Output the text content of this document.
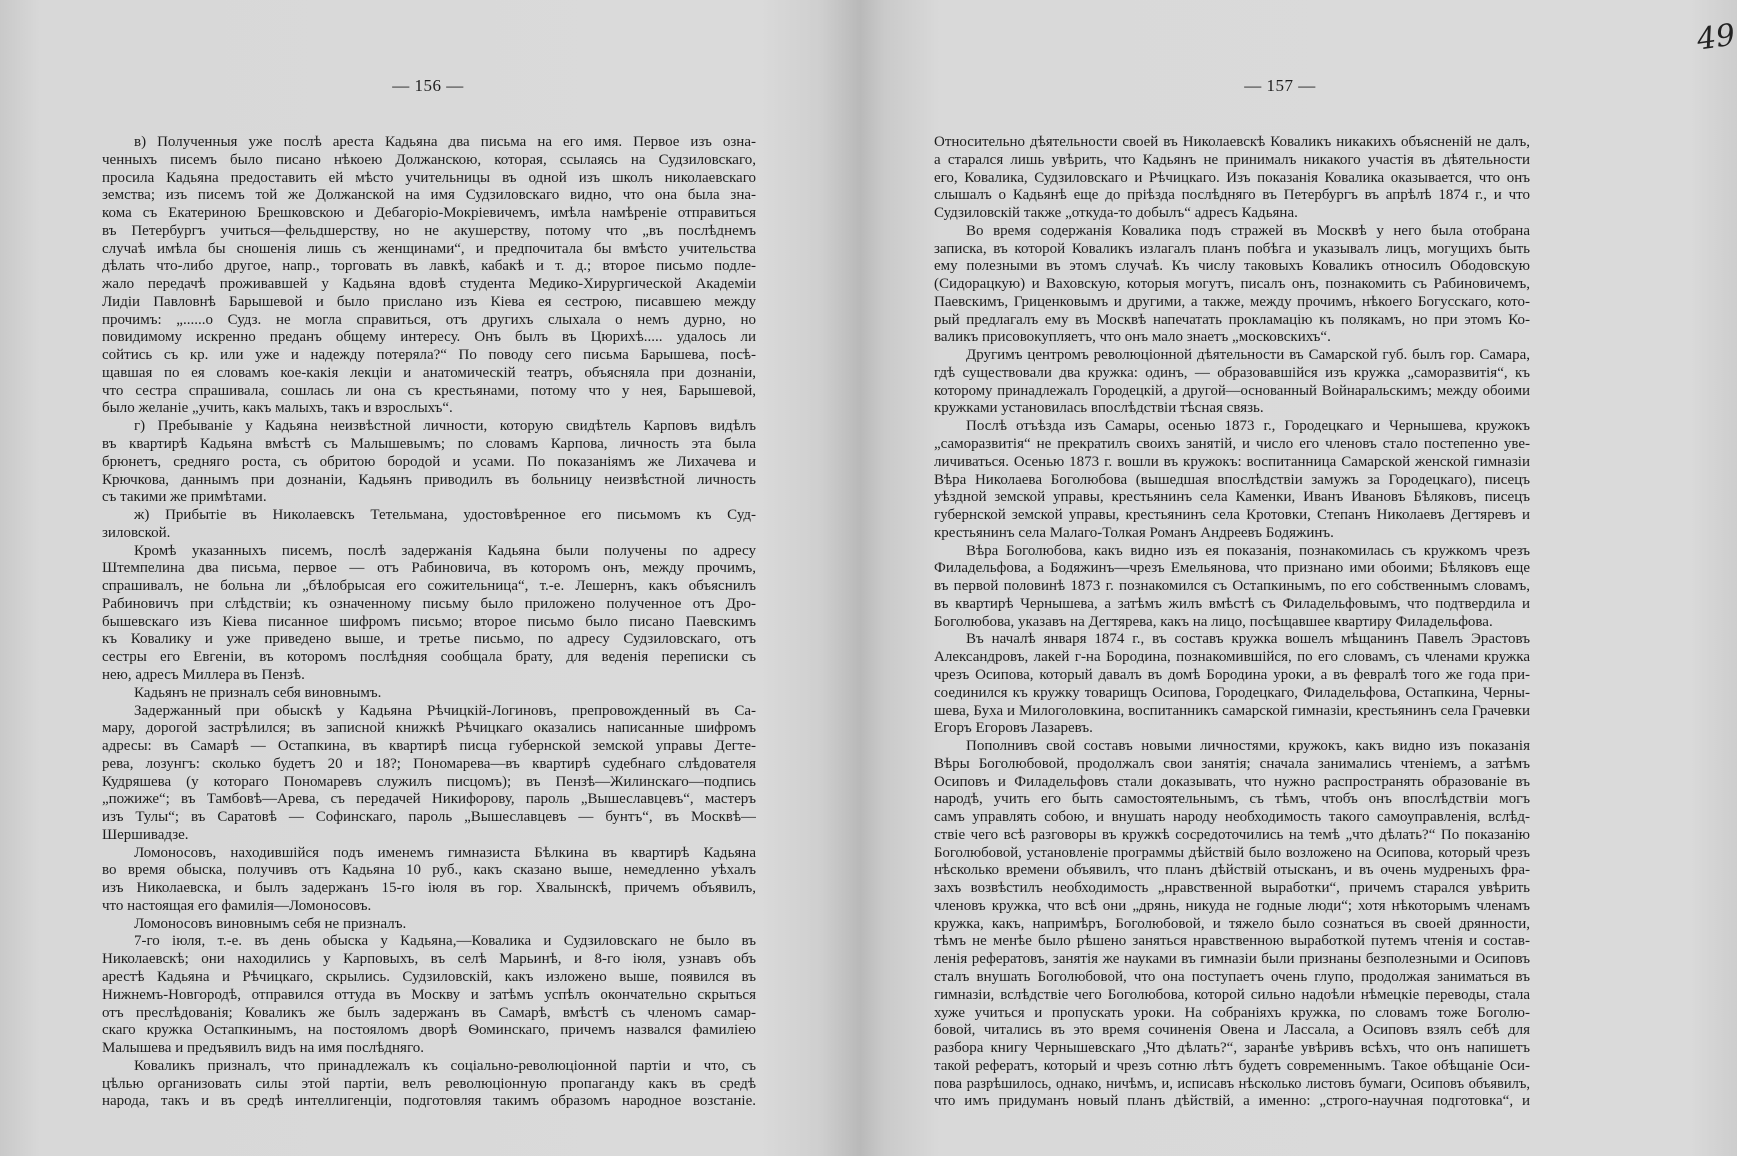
— 156 —
в) Полученныя уже послѣ ареста Кадьяна два письма на его имя. Первое изъ озна-
ченныхъ писемъ было писано нѣкоею Должанскою, которая, ссылаясь на Судзиловскаго,
просила Кадьяна предоставить ей мѣсто учительницы въ одной изъ школъ николаевскаго
земства; изъ писемъ той же Должанской на имя Судзиловскаго видно, что она была зна-
кома съ Екатериною Брешковскою и Дебагорiо-Мокрiевичемъ, имѣла намѣренiе отправиться
въ Петербургъ учиться—фельдшерству, но не акушерству, потому что „въ послѣднемъ
случаѣ имѣла бы сношенiя лишь съ женщинами“, и предпочитала бы вмѣсто учительства
дѣлать что-либо другое, напр., торговать въ лавкѣ, кабакѣ и т. д.; второе письмо подле-
жало передачѣ проживавшей у Кадьяна вдовѣ студента Медико-Хирургической Академiи
Лидiи Павловнѣ Барышевой и было прислано изъ Кiева ея сестрою, писавшею между
прочимъ: „......о Судз. не могла справиться, отъ другихъ слыхала о немъ дурно, но
повидимому искренно преданъ общему интересу. Онъ былъ въ Цюрихѣ..... удалось ли
сойтись съ кр. или уже и надежду потеряла?“ По поводу сего письма Барышева, посѣ-
щавшая по ея словамъ кое-какiя лекцiи и анатомическiй театръ, объясняла при дознанiи,
что сестра спрашивала, сошлась ли она съ крестьянами, потому что у нея, Барышевой,
было желанiе „учить, какъ малыхъ, такъ и взрослыхъ“.
г) Пребыванiе у Кадьяна неизвѣстной личности, которую свидѣтель Карповъ видѣлъ
въ квартирѣ Кадьяна вмѣстѣ съ Малышевымъ; по словамъ Карпова, личность эта была
брюнетъ, средняго роста, съ обритою бородой и усами. По показанiямъ же Лихачева и
Крючкова, даннымъ при дознанiи, Кадьянъ приводилъ въ больницу неизвѣстной личность
съ такими же примѣтами.
ж) Прибытiе въ Николаевскъ Тетельмана, удостовѣренное его письмомъ къ Суд-
зиловской.
Кромѣ указанныхъ писемъ, послѣ задержанiя Кадьяна были получены по адресу
Штемпелина два письма, первое — отъ Рабиновича, въ которомъ онъ, между прочимъ,
спрашивалъ, не больна ли „бѣлобрысая его сожительница“, т.-е. Лешернъ, какъ объяснилъ
Рабиновичъ при слѣдствiи; къ означенному письму было приложено полученное отъ Дро-
бышевскаго изъ Кiева писанное шифромъ письмо; второе письмо было писано Паевскимъ
къ Ковалику и уже приведено выше, и третье письмо, по адресу Судзиловскаго, отъ
сестры его Евгенiи, въ которомъ послѣдняя сообщала брату, для веденiя переписки съ
нею, адресъ Миллера въ Пензѣ.
Кадьянъ не призналъ себя виновнымъ.
Задержанный при обыскѣ у Кадьяна Рѣчицкiй-Логиновъ, препровожденный въ Са-
мару, дорогой застрѣлился; въ записной книжкѣ Рѣчицкаго оказались написанные шифромъ
адресы: въ Самарѣ — Остапкина, въ квартирѣ писца губернской земской управы Дегте-
рева, лозунгъ: сколько будетъ 20 и 18?; Пономарева—въ квартирѣ судебнаго слѣдователя
Кудряшева (у котораго Пономаревъ служилъ писцомъ); въ Пензѣ—Жилинскаго—подпись
„пожиже“; въ Тамбовѣ—Арева, съ передачей Никифорову, пароль „Вышеславцевъ“, мастеръ
изъ Тулы“; въ Саратовѣ — Софинскаго, пароль „Вышеславцевъ — бунтъ“, въ Москвѣ—
Шершивадзе.
Ломоносовъ, находившiйся подъ именемъ гимназиста Бѣлкина въ квартирѣ Кадьяна
во время обыска, получивъ отъ Кадьяна 10 руб., какъ сказано выше, немедленно уѣхалъ
изъ Николаевска, и былъ задержанъ 15-го iюля въ гор. Хвалынскѣ, причемъ объявилъ,
что настоящая его фамилiя—Ломоносовъ.
Ломоносовъ виновнымъ себя не призналъ.
7-го iюля, т.-е. въ день обыска у Кадьяна,—Ковалика и Судзиловскаго не было въ
Николаевскѣ; они находились у Карповыхъ, въ селѣ Марьинѣ, и 8-го iюля, узнавъ объ
арестѣ Кадьяна и Рѣчицкаго, скрылись. Судзиловскiй, какъ изложено выше, появился въ
Нижнемъ-Новгородѣ, отправился оттуда въ Москву и затѣмъ успѣлъ окончательно скрыться
отъ преслѣдованiя; Коваликъ же былъ задержанъ въ Самарѣ, вмѣстѣ съ членомъ самар-
скаго кружка Остапкинымъ, на постояломъ дворѣ Ѳоминскаго, причемъ назвался фамилiею
Малышева и предъявилъ видъ на имя послѣдняго.
Коваликъ призналъ, что принадлежалъ къ соцiально-революцiонной партiи и что, съ
цѣлью организовать силы этой партiи, велъ революцiонную пропаганду какъ въ средѣ
народа, такъ и въ средѣ интеллигенцiи, подготовляя такимъ образомъ народное возстанiе.
— 157 —
Относительно дѣятельности своей въ Николаевскѣ Коваликъ никакихъ объясненiй не далъ,
а старался лишь увѣрить, что Кадьянъ не принималъ никакого участiя въ дѣятельности
его, Ковалика, Судзиловскаго и Рѣчицкаго. Изъ показанiя Ковалика оказывается, что онъ
слышалъ о Кадьянѣ еще до прiѣзда послѣдняго въ Петербургъ въ апрѣлѣ 1874 г., и что
Судзиловскiй также „откуда-то добылъ“ адресъ Кадьяна.
Во время содержанiя Ковалика подъ стражей въ Москвѣ у него была отобрана
записка, въ которой Коваликъ излагалъ планъ побѣга и указывалъ лицъ, могущихъ быть
ему полезными въ этомъ случаѣ. Къ числу таковыхъ Коваликъ относилъ Ободовскую
(Сидорацкую) и Ваховскую, которыя могутъ, писалъ онъ, познакомить съ Рабиновичемъ,
Паевскимъ, Гриценковымъ и другими, а также, между прочимъ, нѣкоего Богусскаго, кото-
рый предлагалъ ему въ Москвѣ напечатать прокламацiю къ полякамъ, но при этомъ Ко-
валикъ присовокупляетъ, что онъ мало знаетъ „московскихъ“.
Другимъ центромъ революцiонной дѣятельности въ Самарской губ. былъ гор. Самара,
гдѣ существовали два кружка: одинъ, — образовавшiйся изъ кружка „саморазвитiя“, къ
которому принадлежалъ Городецкiй, а другой—основанный Войнаральскимъ; между обоими
кружками установилась впослѣдствiи тѣсная связь.
Послѣ отъѣзда изъ Самары, осенью 1873 г., Городецкаго и Чернышева, кружокъ
„саморазвитiя“ не прекратилъ своихъ занятiй, и число его членовъ стало постепенно уве-
личиваться. Осенью 1873 г. вошли въ кружокъ: воспитанница Самарской женской гимназiи
Вѣра Николаева Боголюбова (вышедшая впослѣдствiи замужъ за Городецкаго), писецъ
уѣздной земской управы, крестьянинъ села Каменки, Иванъ Ивановъ Бѣляковъ, писецъ
губернской земской управы, крестьянинъ села Кротовки, Степанъ Николаевъ Дегтяревъ и
крестьянинъ села Малаго-Толкая Романъ Андреевъ Бодяжинъ.
Вѣра Боголюбова, какъ видно изъ ея показанiя, познакомилась съ кружкомъ чрезъ
Филадельфова, а Бодяжинъ—чрезъ Емельянова, что признано ими обоими; Бѣляковъ еще
въ первой половинѣ 1873 г. познакомился съ Остапкинымъ, по его собственнымъ словамъ,
въ квартирѣ Чернышева, а затѣмъ жилъ вмѣстѣ съ Филадельфовымъ, что подтвердила и
Боголюбова, указавъ на Дегтярева, какъ на лицо, посѣщавшее квартиру Филадельфова.
Въ началѣ января 1874 г., въ составъ кружка вошелъ мѣщанинъ Павелъ Эрастовъ
Александровъ, лакей г-на Бородина, познакомившiйся, по его словамъ, съ членами кружка
чрезъ Осипова, который давалъ въ домѣ Бородина уроки, а въ февралѣ того же года при-
соединился къ кружку товарищъ Осипова, Городецкаго, Филадельфова, Остапкина, Черны-
шева, Буха и Милоголовкина, воспитанникъ самарской гимназiи, крестьянинъ села Грачевки
Егоръ Егоровъ Лазаревъ.
Пополнивъ свой составъ новыми личностями, кружокъ, какъ видно изъ показанiя
Вѣры Боголюбовой, продолжалъ свои занятiя; сначала занимались чтенiемъ, а затѣмъ
Осиповъ и Филадельфовъ стали доказывать, что нужно распространять образованiе въ
народѣ, учить его быть самостоятельнымъ, съ тѣмъ, чтобъ онъ впослѣдствiи могъ
самъ управлять собою, и внушать народу необходимость такого самоуправленiя, вслѣд-
ствiе чего всѣ разговоры въ кружкѣ сосредоточились на темѣ „что дѣлать?“ По показанiю
Боголюбовой, установленiе программы дѣйствiй было возложено на Осипова, который чрезъ
нѣсколько времени объявилъ, что планъ дѣйствiй отысканъ, и въ очень мудреныхъ фра-
захъ возвѣстилъ необходимость „нравственной выработки“, причемъ старался увѣрить
членовъ кружка, что всѣ они „дрянь, никуда не годные люди“; хотя нѣкоторымъ членамъ
кружка, какъ, напримѣръ, Боголюбовой, и тяжело было сознаться въ своей дрянности,
тѣмъ не менѣе было рѣшено заняться нравственною выработкой путемъ чтенiя и состав-
ленiя рефератовъ, занятiя же науками въ гимназiи были признаны безполезными и Осиповъ
сталъ внушать Боголюбовой, что она поступаетъ очень глупо, продолжая заниматься въ
гимназiи, вслѣдствiе чего Боголюбова, которой сильно надоѣли нѣмецкiе переводы, стала
хуже учиться и пропускать уроки. На собранiяхъ кружка, по словамъ тоже Боголю-
бовой, читались въ это время сочиненiя Овена и Лассала, а Осиповъ взялъ себѣ для
разбора книгу Чернышевскаго „Что дѣлать?“, заранѣе увѣривъ всѣхъ, что онъ напишетъ
такой рефератъ, который и чрезъ сотню лѣтъ будетъ современнымъ. Такое обѣщанiе Оси-
пова разрѣшилось, однако, ничѣмъ, и, исписавъ нѣсколько листовъ бумаги, Осиповъ объявилъ,
что имъ придуманъ новый планъ дѣйствiй, а именно: „строго-научная подготовка“, и
49
